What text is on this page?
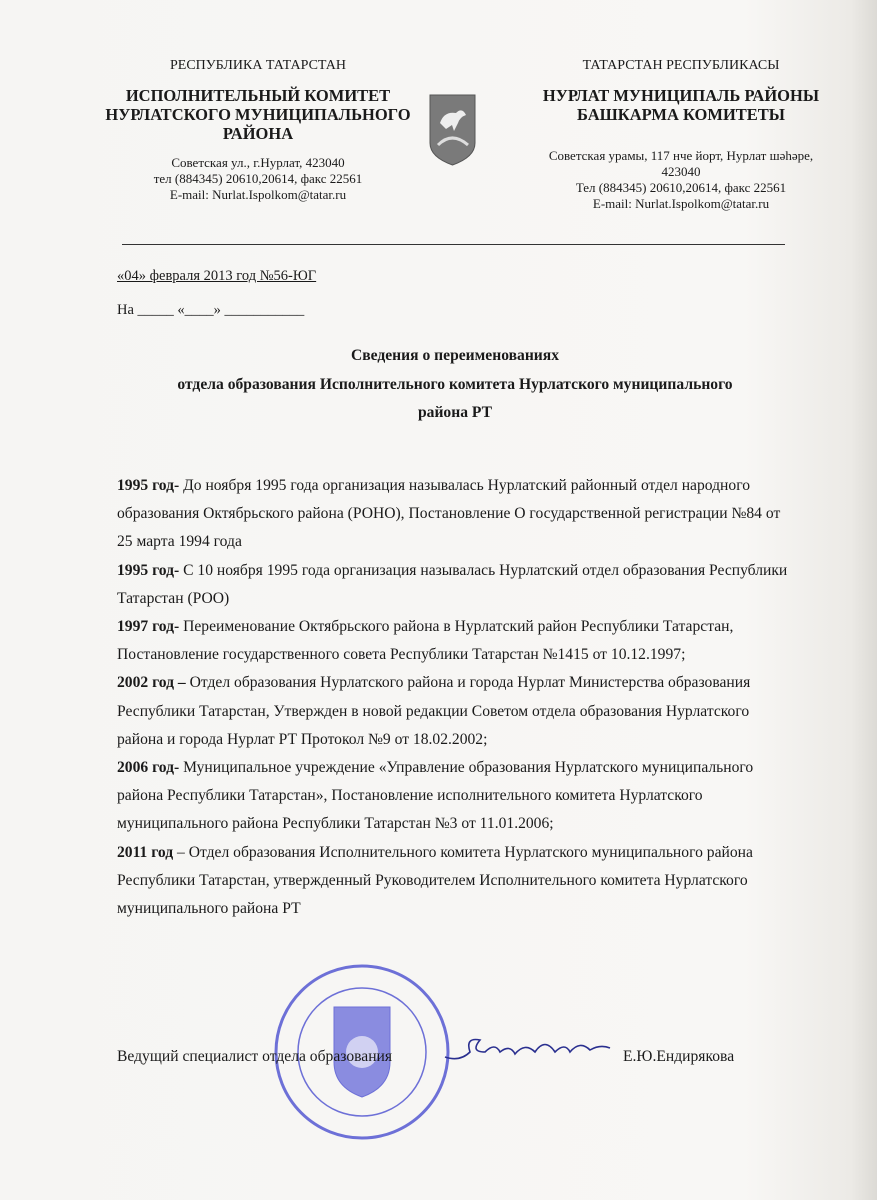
РЕСПУБЛИКА ТАТАРСТАН
ИСПОЛНИТЕЛЬНЫЙ КОМИТЕТ
НУРЛАТСКОГО МУНИЦИПАЛЬНОГО
РАЙОНА
Советская ул., г.Нурлат, 423040
тел (884345) 20610,20614, факс 22561
E-mail: Nurlat.Ispolkom@tatar.ru
ТАТАРСТАН РЕСПУБЛИКАСЫ
НУРЛАТ МУНИЦИПАЛЬ РАЙОНЫ
БАШКАРМА КОМИТЕТЫ
Советская урамы, 117 нче йорт, Нурлат шәһәре,
423040
Тел (884345) 20610,20614, факс 22561
E-mail: Nurlat.Ispolkom@tatar.ru
«04» февраля 2013 год №56-ЮГ
На _____ «____» ___________
Сведения о переименованиях
отдела образования Исполнительного комитета Нурлатского муниципального
района РТ

1995 год- До ноября 1995 года организация называлась Нурлатский районный отдел народного образования Октябрьского района (РОНО), Постановление О государственной регистрации №84 от 25 марта 1994 года

1995 год- С 10 ноября 1995 года организация называлась Нурлатский отдел образования Республики Татарстан (РОО)

1997 год- Переименование Октябрьского района в Нурлатский район Республики Татарстан, Постановление государственного совета Республики Татарстан №1415 от 10.12.1997;

2002 год – Отдел образования Нурлатского района и города Нурлат Министерства образования Республики Татарстан, Утвержден в новой редакции Советом отдела образования Нурлатского района и города Нурлат РТ Протокол №9 от 18.02.2002;

2006 год- Муниципальное учреждение «Управление образования Нурлатского муниципального района Республики Татарстан», Постановление исполнительного комитета Нурлатского муниципального района Республики Татарстан №3 от 11.01.2006;

2011 год – Отдел образования Исполнительного комитета Нурлатского муниципального района Республики Татарстан, утвержденный Руководителем Исполнительного комитета Нурлатского муниципального района РТ

Ведущий специалист отдела образования	Е.Ю.Ендирякова
